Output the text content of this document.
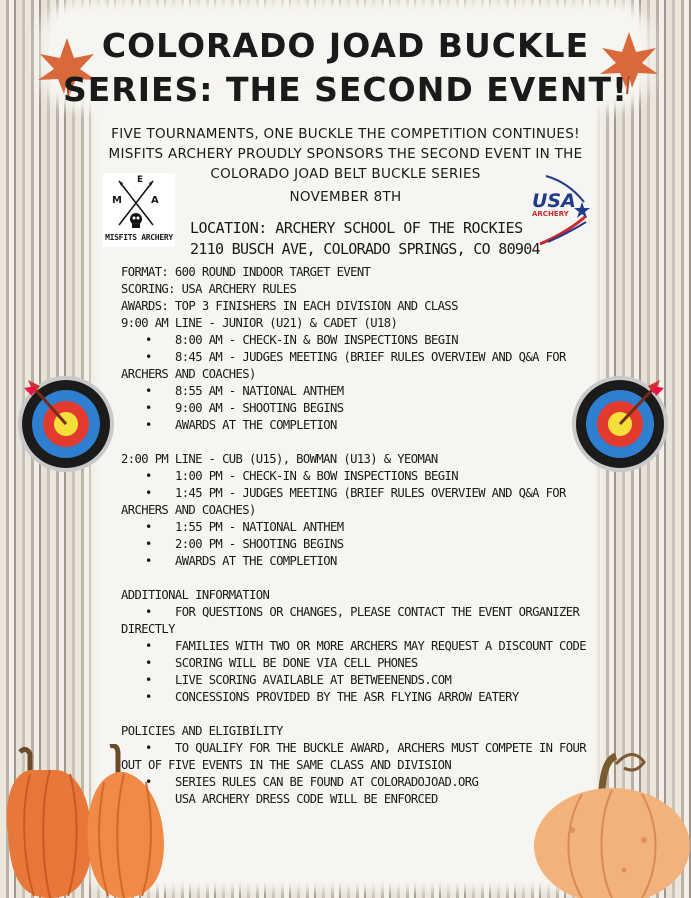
COLORADO JOAD BUCKLE
SERIES: THE SECOND EVENT!
FIVE TOURNAMENTS, ONE BUCKLE THE COMPETITION CONTINUES!
MISFITS ARCHERY PROUDLY SPONSORS THE SECOND EVENT IN THE
COLORADO JOAD BELT BUCKLE SERIES
NOVEMBER 8TH
M	A
E
MISFITS ARCHERY
USA
ARCHERY
LOCATION: ARCHERY SCHOOL OF THE ROCKIES
2110 BUSCH AVE, COLORADO SPRINGS, CO 80904
FORMAT: 600 ROUND INDOOR TARGET EVENT
SCORING: USA ARCHERY RULES
AWARDS: TOP 3 FINISHERS IN EACH DIVISION AND CLASS
9:00 AM LINE - JUNIOR (U21) & CADET (U18)
• 8:00 AM - CHECK-IN & BOW INSPECTIONS BEGIN
• 8:45 AM - JUDGES MEETING (BRIEF RULES OVERVIEW AND Q&A FOR
ARCHERS AND COACHES)
• 8:55 AM - NATIONAL ANTHEM
• 9:00 AM - SHOOTING BEGINS
• AWARDS AT THE COMPLETION
2:00 PM LINE - CUB (U15), BOWMAN (U13) & YEOMAN
• 1:00 PM - CHECK-IN & BOW INSPECTIONS BEGIN
• 1:45 PM - JUDGES MEETING (BRIEF RULES OVERVIEW AND Q&A FOR
ARCHERS AND COACHES)
• 1:55 PM - NATIONAL ANTHEM
• 2:00 PM - SHOOTING BEGINS
• AWARDS AT THE COMPLETION
ADDITIONAL INFORMATION
• FOR QUESTIONS OR CHANGES, PLEASE CONTACT THE EVENT ORGANIZER
DIRECTLY
• FAMILIES WITH TWO OR MORE ARCHERS MAY REQUEST A DISCOUNT CODE
• SCORING WILL BE DONE VIA CELL PHONES
• LIVE SCORING AVAILABLE AT BETWEENENDS.COM
• CONCESSIONS PROVIDED BY THE ASR FLYING ARROW EATERY
POLICIES AND ELIGIBILITY
• TO QUALIFY FOR THE BUCKLE AWARD, ARCHERS MUST COMPETE IN FOUR
OUT OF FIVE EVENTS IN THE SAME CLASS AND DIVISION
• SERIES RULES CAN BE FOUND AT COLORADOJOAD.ORG
• USA ARCHERY DRESS CODE WILL BE ENFORCED
